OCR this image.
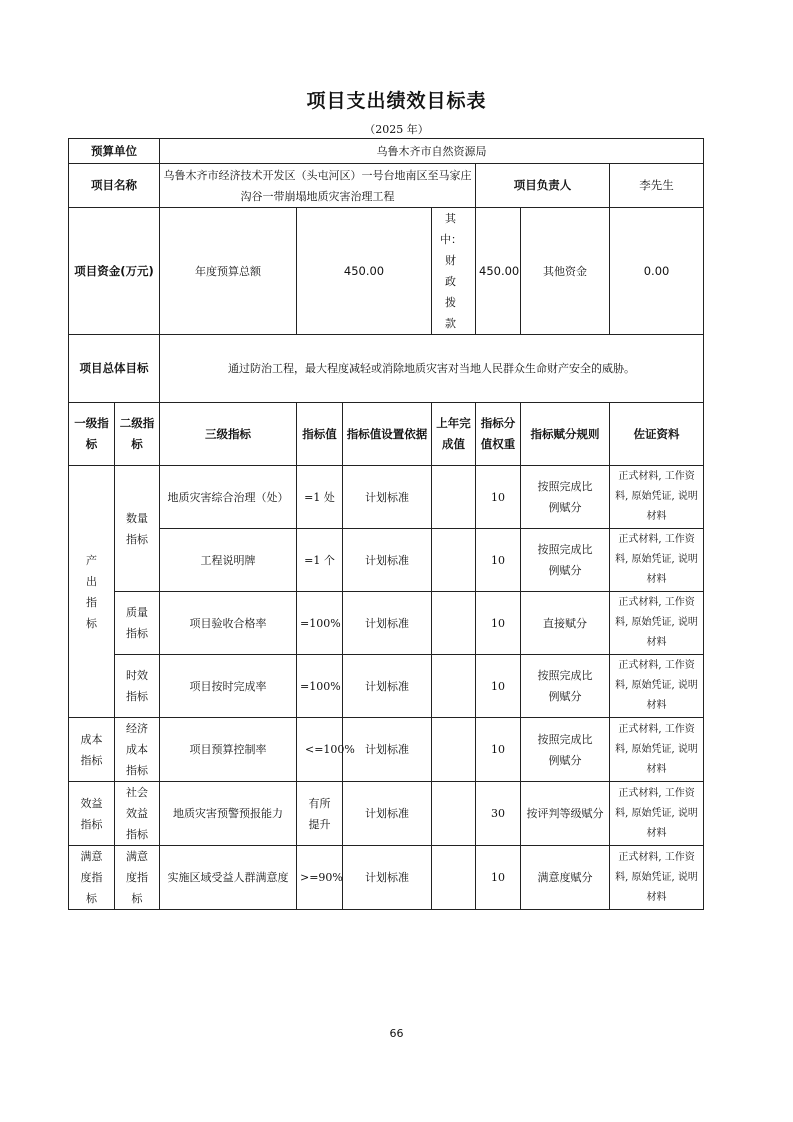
项目支出绩效目标表
（2025 年）
预算单位		乌鲁木齐市自然资源局						
项目名称		乌鲁木齐市经济技术开发区（头屯河区）一号台地南区至马家庄沟谷一带崩塌地质灾害治理工程				项目负责人		李先生
项目资金(万元)		年度预算总额	450.00		其中：财政拨款	450.00	其他资金	0.00

项目总体目标		通过防治工程，最大程度减轻或消除地质灾害对当地人民群众生命财产安全的威胁。						
一级指标	二级指标	三级指标	指标值	指标值设置依据	上年完成值	指标分值权重	指标赋分规则	佐证资料
产出指标	数量指标	地质灾害综合治理（处）	=1 处	计划标准		10	按照完成比例赋分	正式材料, 工作资料, 原始凭证, 说明材料
		工程说明牌	=1 个	计划标准		10	按照完成比例赋分	正式材料, 工作资料, 原始凭证, 说明材料
	质量指标	项目验收合格率	=100%	计划标准		10	直接赋分	正式材料, 工作资料, 原始凭证, 说明材料
	时效指标	项目按时完成率	=100%	计划标准		10	按照完成比例赋分	正式材料, 工作资料, 原始凭证, 说明材料
成本指标	经济成本指标	项目预算控制率	<=100%	计划标准		10	按照完成比例赋分	正式材料, 工作资料, 原始凭证, 说明材料
效益指标	社会效益指标	地质灾害预警预报能力	有所提升	计划标准		30	按评判等级赋分	正式材料, 工作资料, 原始凭证, 说明材料
满意度指标	满意度指标	实施区域受益人群满意度	>=90%	计划标准		10	满意度赋分	正式材料, 工作资料, 原始凭证, 说明材料
66
